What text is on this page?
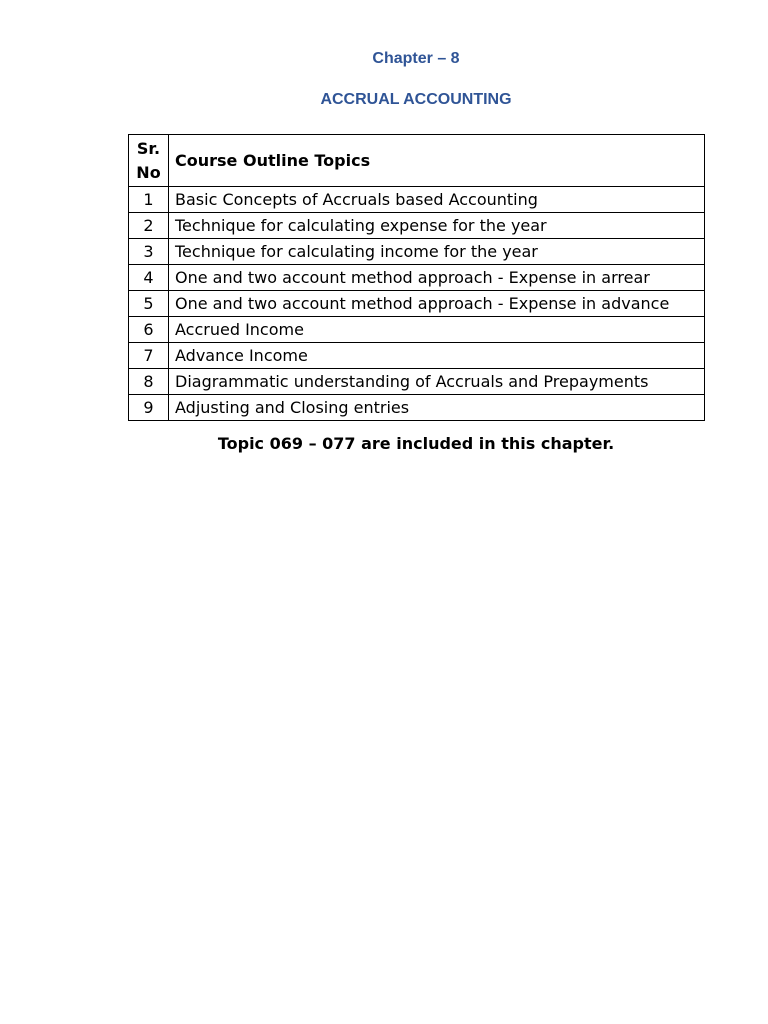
Chapter – 8
ACCRUAL ACCOUNTING
Sr.
No	Course Outline Topics
1	Basic Concepts of Accruals based Accounting
2	Technique for calculating expense for the year
3	Technique for calculating income for the year
4	One and two account method approach - Expense in arrear
5	One and two account method approach - Expense in advance
6	Accrued Income
7	Advance Income
8	Diagrammatic understanding of Accruals and Prepayments
9	Adjusting and Closing entries
Topic 069 – 077 are included in this chapter.
